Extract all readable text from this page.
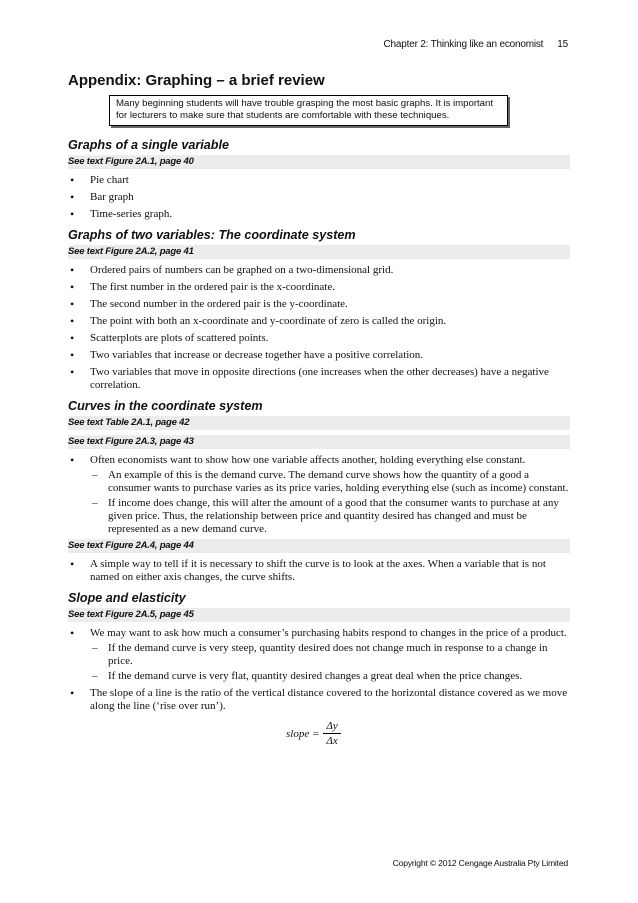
Chapter 2: Thinking like an economist 15
Appendix: Graphing – a brief review
Many beginning students will have trouble grasping the most basic graphs. It is important for lecturers to make sure that students are comfortable with these techniques.
Graphs of a single variable
See text Figure 2A.1, page 40
• Pie chart
• Bar graph
• Time-series graph.
Graphs of two variables: The coordinate system
See text Figure 2A.2, page 41
• Ordered pairs of numbers can be graphed on a two-dimensional grid.
• The first number in the ordered pair is the x-coordinate.
• The second number in the ordered pair is the y-coordinate.
• The point with both an x-coordinate and y-coordinate of zero is called the origin.
• Scatterplots are plots of scattered points.
• Two variables that increase or decrease together have a positive correlation.
• Two variables that move in opposite directions (one increases when the other decreases) have a negative correlation.
Curves in the coordinate system
See text Table 2A.1, page 42
See text Figure 2A.3, page 43
• Often economists want to show how one variable affects another, holding everything else constant.
– An example of this is the demand curve. The demand curve shows how the quantity of a good a consumer wants to purchase varies as its price varies, holding everything else (such as income) constant.
– If income does change, this will alter the amount of a good that the consumer wants to purchase at any given price. Thus, the relationship between price and quantity desired has changed and must be represented as a new demand curve.
See text Figure 2A.4, page 44
• A simple way to tell if it is necessary to shift the curve is to look at the axes. When a variable that is not named on either axis changes, the curve shifts.
Slope and elasticity
See text Figure 2A.5, page 45
• We may want to ask how much a consumer’s purchasing habits respond to changes in the price of a product.
– If the demand curve is very steep, quantity desired does not change much in response to a change in price.
– If the demand curve is very flat, quantity desired changes a great deal when the price changes.
• The slope of a line is the ratio of the vertical distance covered to the horizontal distance covered as we move along the line (‘rise over run’).
slope = $\frac{\Delta y}{\Delta x}$
Copyright © 2012 Cengage Australia Pty Limited
